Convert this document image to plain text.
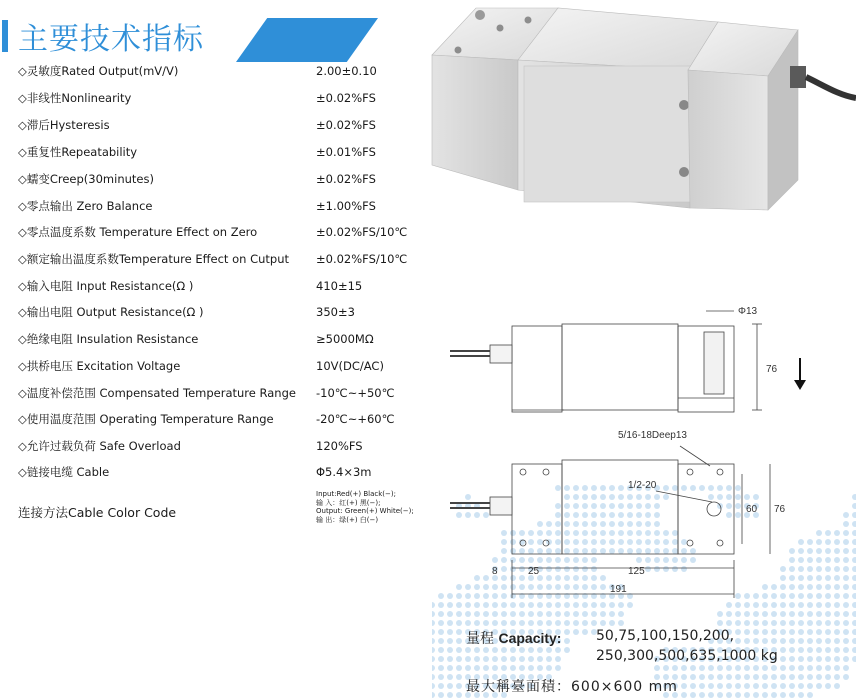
主要技术指标
◇灵敏度Rated Output(mV/V)	2.00±0.10
◇非线性Nonlinearity	±0.02%FS
◇滞后Hysteresis	±0.02%FS
◇重复性Repeatability	±0.01%FS
◇蠕变Creep(30minutes)	±0.02%FS
◇零点输出 Zero Balance	±1.00%FS
◇零点温度系数 Temperature Effect on Zero	±0.02%FS/10℃
◇额定输出温度系数Temperature Effect on Cutput ±0.02%FS/10℃
◇输入电阻 Input Resistance(Ω )	410±15
◇输出电阻 Output Resistance(Ω )	350±3
◇绝缘电阻 Insulation Resistance	≥5000MΩ
◇拱桥电压 Excitation Voltage	10V(DC/AC)
◇温度补偿范围 Compensated Temperature Range -10℃~+50℃
◇使用温度范围 Operating Temperature Range	-20℃~+60℃
◇允许过载负荷 Safe Overload	120%FS
◇链接电缆 Cable	Φ5.4×3m
连接方法Cable Color Code
Input:Red(+) Black(−);
输 入：红(+) 黑(−);
Output: Green(+) White(−);
输 出：绿(+) 白(−)
Φ13
76
5/16-18Deep13
1/2-20
60 76
8	25	125
191
量程 Capacity: 50,75,100,150,200,
250,300,500,635,1000 kg
最大稱臺面積：600×600 mm
